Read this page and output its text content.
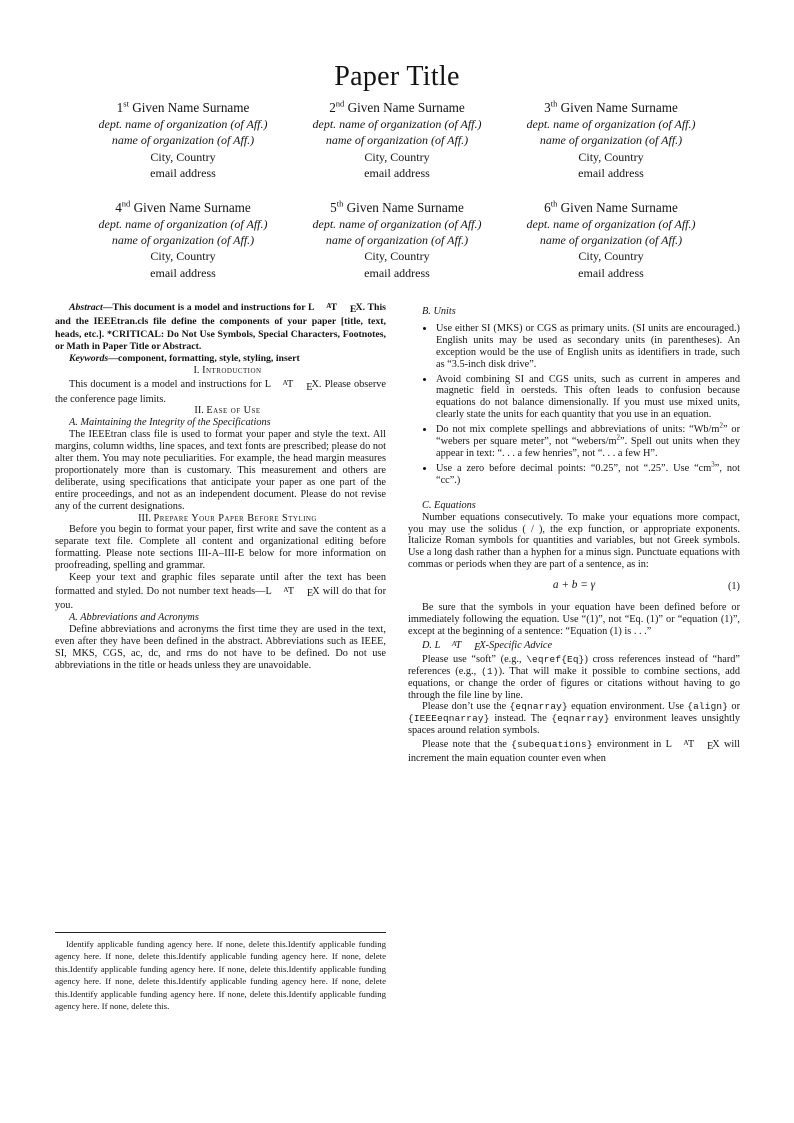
Paper Title
1st Given Name Surname
dept. name of organization (of Aff.)
name of organization (of Aff.)
City, Country
email address
2nd Given Name Surname
dept. name of organization (of Aff.)
name of organization (of Aff.)
City, Country
email address
3th Given Name Surname
dept. name of organization (of Aff.)
name of organization (of Aff.)
City, Country
email address
4nd Given Name Surname
dept. name of organization (of Aff.)
name of organization (of Aff.)
City, Country
email address
5th Given Name Surname
dept. name of organization (of Aff.)
name of organization (of Aff.)
City, Country
email address
6th Given Name Surname
dept. name of organization (of Aff.)
name of organization (of Aff.)
City, Country
email address

Abstract—This document is a model and instructions for L AT EX. This and the IEEEtran.cls file define the components of your paper [title, text, heads, etc.]. *CRITICAL: Do Not Use Symbols, Special Characters, Footnotes, or Math in Paper Title or Abstract.

Keywords—component, formatting, style, styling, insert

I. Introduction

This document is a model and instructions for L AT EX. Please observe the conference page limits.

II. Ease of Use

A. Maintaining the Integrity of the Specifications

The IEEEtran class file is used to format your paper and style the text. All margins, column widths, line spaces, and text fonts are prescribed; please do not alter them. You may note peculiarities. For example, the head margin measures proportionately more than is customary. This measurement and others are deliberate, using specifications that anticipate your paper as one part of the entire proceedings, and not as an independent document. Please do not revise any of the current designations.

III. Prepare Your Paper Before Styling

Before you begin to format your paper, first write and save the content as a separate text file. Complete all content and organizational editing before formatting. Please note sections III-A–III-E below for more information on proofreading, spelling and grammar.

Keep your text and graphic files separate until after the text has been formatted and styled. Do not number text heads—L AT EX will do that for you.

A. Abbreviations and Acronyms

Define abbreviations and acronyms the first time they are used in the text, even after they have been defined in the abstract. Abbreviations such as IEEE, SI, MKS, CGS, ac, dc, and rms do not have to be defined. Do not use abbreviations in the title or heads unless they are unavoidable.

B. Units

• Use either SI (MKS) or CGS as primary units. (SI units are encouraged.) English units may be used as secondary units (in parentheses). An exception would be the use of English units as identifiers in trade, such as “3.5-inch disk drive”.
• Avoid combining SI and CGS units, such as current in amperes and magnetic field in oersteds. This often leads to confusion because equations do not balance dimensionally. If you must use mixed units, clearly state the units for each quantity that you use in an equation.
• Do not mix complete spellings and abbreviations of units: “$Wb/m^2$” or “webers per square meter”, not “$webers/m^2$”. Spell out units when they appear in text: “. . . a few henries”, not “. . . a few H”.
• Use a zero before decimal points: “0.25”, not “.25”. Use “$cm^3$”, not “cc”.)

C. Equations

Number equations consecutively. To make your equations more compact, you may use the solidus ( / ), the exp function, or appropriate exponents. Italicize Roman symbols for quantities and variables, but not Greek symbols. Use a long dash rather than a hyphen for a minus sign. Punctuate equations with commas or periods when they are part of a sentence, as in:

a + b = γ	(1)

Be sure that the symbols in your equation have been defined before or immediately following the equation. Use “(1)”, not “Eq. (1)” or “equation (1)”, except at the beginning of a sentence: “Equation (1) is . . .”

D. L AT EX-Specific Advice

Please use “soft” (e.g., \eqref{Eq}) cross references instead of “hard” references (e.g., (1)). That will make it possible to combine sections, add equations, or change the order of figures or citations without having to go through the file line by line.

Please don’t use the {eqnarray} equation environment. Use {align} or {IEEEeqnarray} instead. The {eqnarray} environment leaves unsightly spaces around relation symbols.

Please note that the {subequations} environment in L AT EX will increment the main equation counter even when

Identify applicable funding agency here. If none, delete this.Identify applicable funding agency here. If none, delete this.Identify applicable funding agency here. If none, delete this.Identify applicable funding agency here. If none, delete this.Identify applicable funding agency here. If none, delete this.Identify applicable funding agency here. If none, delete this.Identify applicable funding agency here. If none, delete this.Identify applicable funding agency here. If none, delete this.
